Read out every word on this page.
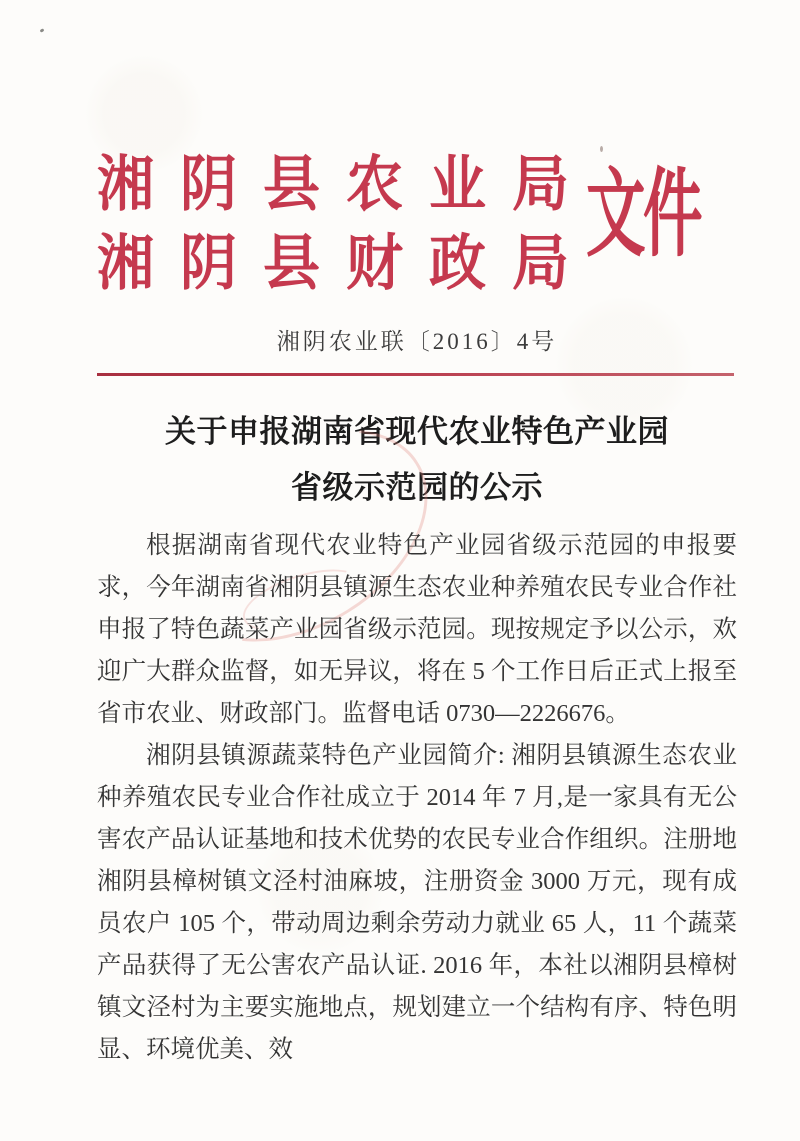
湘阴县农业局
湘阴县财政局
文件
湘阴农业联〔2016〕4号
关于申报湖南省现代农业特色产业园
省级示范园的公示

根据湖南省现代农业特色产业园省级示范园的申报要求，今年湖南省湘阴县镇源生态农业种养殖农民专业合作社申报了特色蔬菜产业园省级示范园。现按规定予以公示，欢迎广大群众监督，如无异议，将在 5 个工作日后正式上报至省市农业、财政部门。监督电话 0730—2226676。

湘阴县镇源蔬菜特色产业园简介: 湘阴县镇源生态农业种养殖农民专业合作社成立于 2014 年 7 月,是一家具有无公害农产品认证基地和技术优势的农民专业合作组织。注册地湘阴县樟树镇文泾村油麻坡，注册资金 3000 万元，现有成员农户 105 个，带动周边剩余劳动力就业 65 人，11 个蔬菜产品获得了无公害农产品认证. 2016 年，本社以湘阴县樟树镇文泾村为主要实施地点，规划建立一个结构有序、特色明显、环境优美、效
